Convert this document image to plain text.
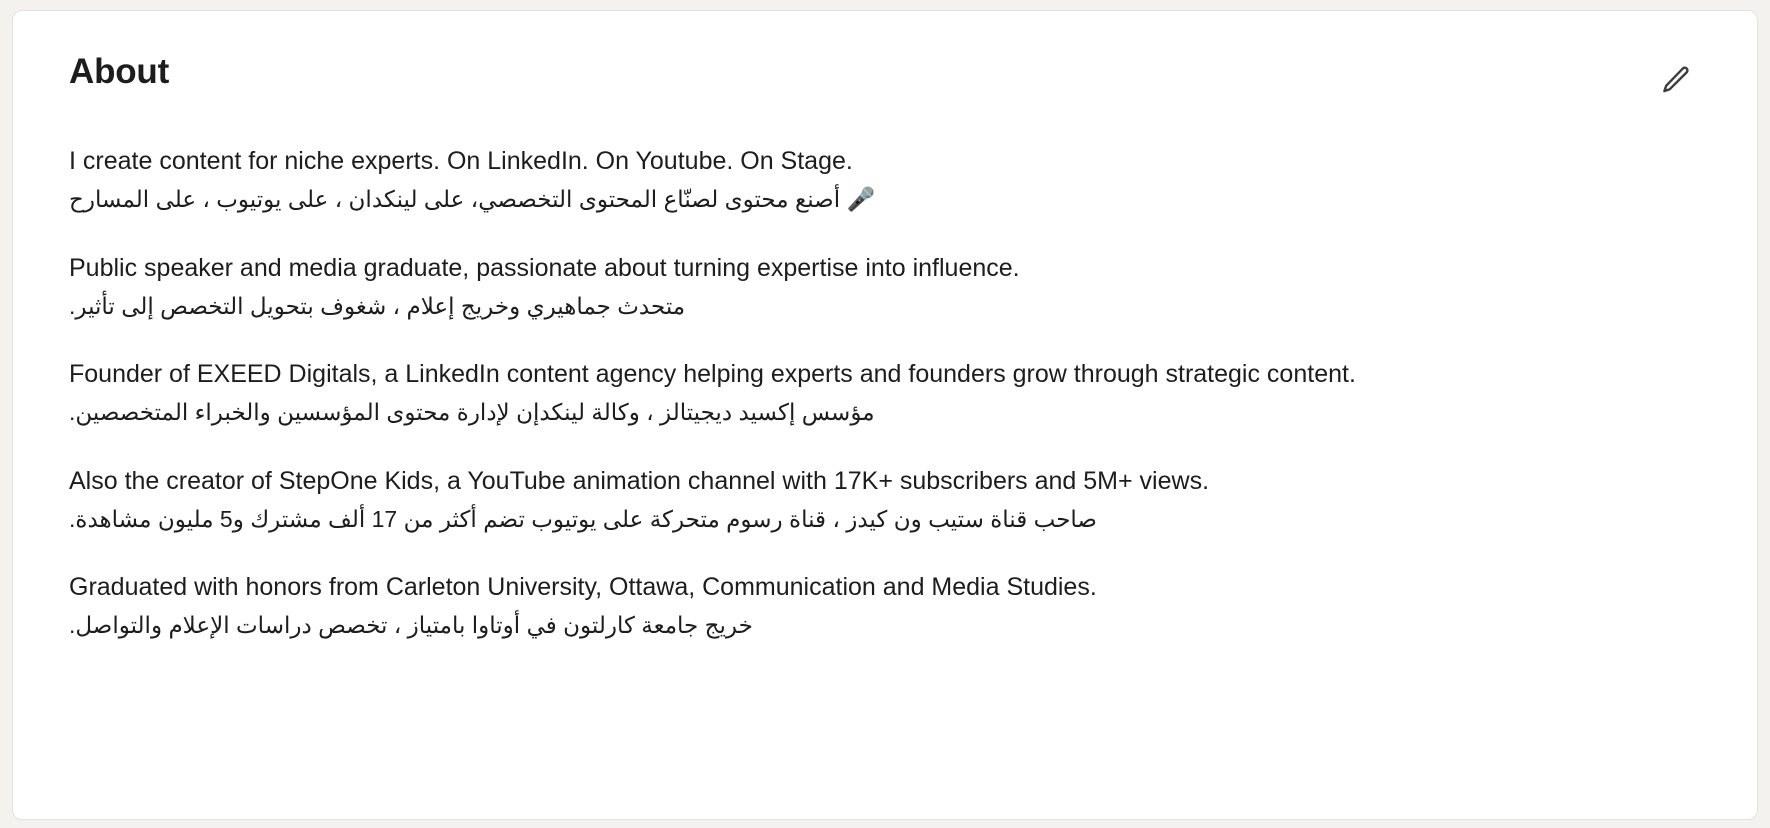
About
I create content for niche experts. On LinkedIn. On Youtube. On Stage.
🎤 أصنع محتوى لصنّاع المحتوى التخصصي، على لينكدان ، على يوتيوب ، على المسارح
Public speaker and media graduate, passionate about turning expertise into influence.
متحدث جماهيري وخريج إعلام ، شغوف بتحويل التخصص إلى تأثير.
Founder of EXEED Digitals, a LinkedIn content agency helping experts and founders grow through strategic content.
مؤسس إكسيد ديجيتالز ، وكالة لينكدإن لإدارة محتوى المؤسسين والخبراء المتخصصين.
Also the creator of StepOne Kids, a YouTube animation channel with 17K+ subscribers and 5M+ views.
صاحب قناة ستيب ون كيدز ، قناة رسوم متحركة على يوتيوب تضم أكثر من 17 ألف مشترك و5 مليون مشاهدة.
Graduated with honors from Carleton University, Ottawa, Communication and Media Studies.
خريج جامعة كارلتون في أوتاوا بامتياز ، تخصص دراسات الإعلام والتواصل.
